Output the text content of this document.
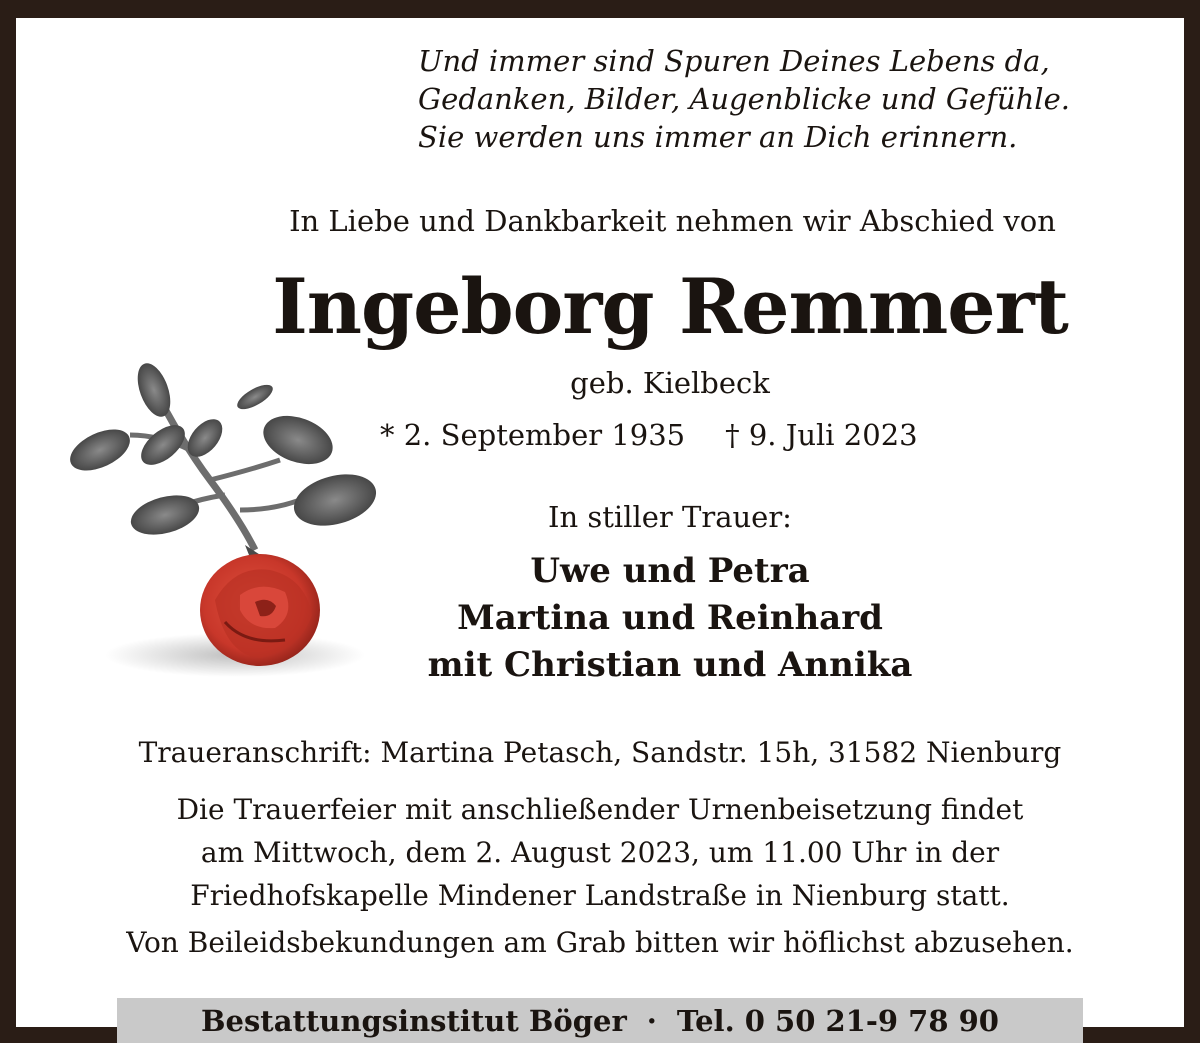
Und immer sind Spuren Deines Lebens da,
Gedanken, Bilder, Augenblicke und Gefühle.
Sie werden uns immer an Dich erinnern.
In Liebe und Dankbarkeit nehmen wir Abschied von
Ingeborg Remmert
geb. Kielbeck
* 2. September 1935 † 9. Juli 2023
In stiller Trauer:
Uwe und Petra
Martina und Reinhard
mit Christian und Annika
Traueranschrift: Martina Petasch, Sandstr. 15h, 31582 Nienburg
Die Trauerfeier mit anschließender Urnenbeisetzung findet
am Mittwoch, dem 2. August 2023, um 11.00 Uhr in der
Friedhofskapelle Mindener Landstraße in Nienburg statt.
Von Beileidsbekundungen am Grab bitten wir höflichst abzusehen.
Bestattungsinstitut Böger · Tel. 0 50 21-9 78 90
